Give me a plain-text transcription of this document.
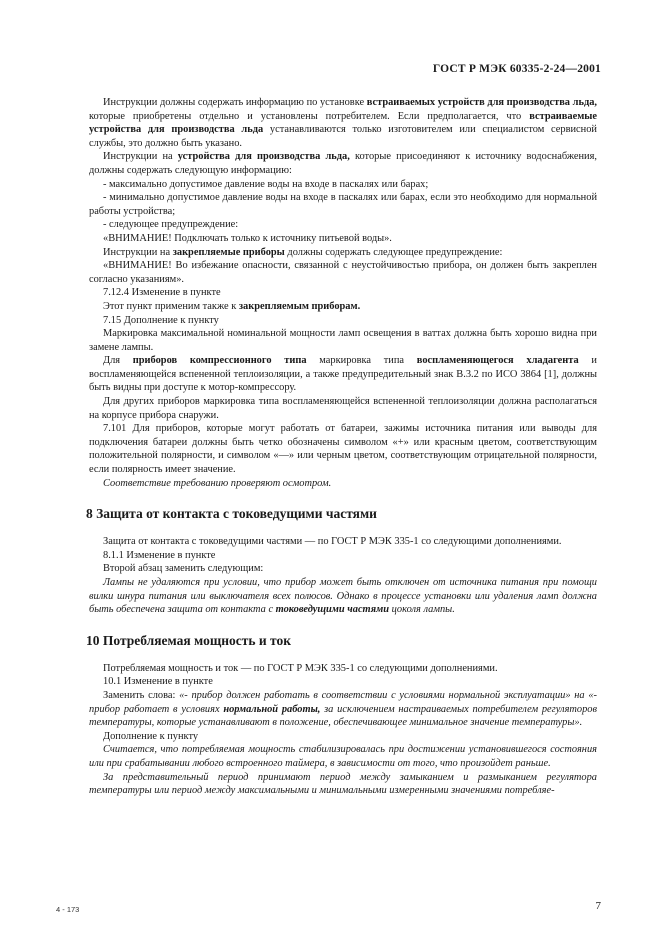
ГОСТ Р МЭК 60335-2-24—2001

Инструкции должны содержать информацию по установке встраиваемых устройств для производства льда, которые приобретены отдельно и установлены потребителем. Если предполагается, что встраиваемые устройства для производства льда устанавливаются только изготовителем или специалистом сервисной службы, это должно быть указано.

Инструкции на устройства для производства льда, которые присоединяют к источнику водоснабжения, должны содержать следующую информацию:

- максимально допустимое давление воды на входе в паскалях или барах;

- минимально допустимое давление воды на входе в паскалях или барах, если это необходимо для нормальной работы устройства;

- следующее предупреждение:

«ВНИМАНИЕ! Подключать только к источнику питьевой воды».

Инструкции на закрепляемые приборы должны содержать следующее предупреждение:

«ВНИМАНИЕ! Во избежание опасности, связанной с неустойчивостью прибора, он должен быть закреплен согласно указаниям».

7.12.4 Изменение в пункте

Этот пункт применим также к закрепляемым приборам.

7.15 Дополнение к пункту

Маркировка максимальной номинальной мощности ламп освещения в ваттах должна быть хорошо видна при замене лампы.

Для приборов компрессионного типа маркировка типа воспламеняющегося хладагента и воспламеняющейся вспененной теплоизоляции, а также предупредительный знак В.3.2 по ИСО 3864 [1], должны быть видны при доступе к мотор-компрессору.

Для других приборов маркировка типа воспламеняющейся вспененной теплоизоляции должна располагаться на корпусе прибора снаружи.

7.101 Для приборов, которые могут работать от батареи, зажимы источника питания или выводы для подключения батареи должны быть четко обозначены символом «+» или красным цветом, соответствующим положительной полярности, и символом «—» или черным цветом, соответствующим отрицательной полярности, если полярность имеет значение.

Соответствие требованию проверяют осмотром.

8 Защита от контакта с токоведущими частями

Защита от контакта с токоведущими частями — по ГОСТ Р МЭК 335-1 со следующими дополнениями.

8.1.1 Изменение в пункте

Второй абзац заменить следующим:

Лампы не удаляются при условии, что прибор может быть отключен от источника питания при помощи вилки шнура питания или выключателя всех полюсов. Однако в процессе установки или удаления ламп должна быть обеспечена защита от контакта с токоведущими частями цоколя лампы.

10 Потребляемая мощность и ток

Потребляемая мощность и ток — по ГОСТ Р МЭК 335-1 со следующими дополнениями.

10.1 Изменение в пункте

Заменить слова: «- прибор должен работать в соответствии с условиями нормальной эксплуатации» на «- прибор работает в условиях нормальной работы, за исключением настраиваемых потребителем регуляторов температуры, которые устанавливают в положение, обеспечивающее минимальное значение температуры».

Дополнение к пункту

Считается, что потребляемая мощность стабилизировалась при достижении установившегося состояния или при срабатывании любого встроенного таймера, в зависимости от того, что произойдет раньше.

За представительный период принимают период между замыканием и размыканием регулятора температуры или период между максимальными и минимальными измеренными значениями потребляе-

4 - 173	7
